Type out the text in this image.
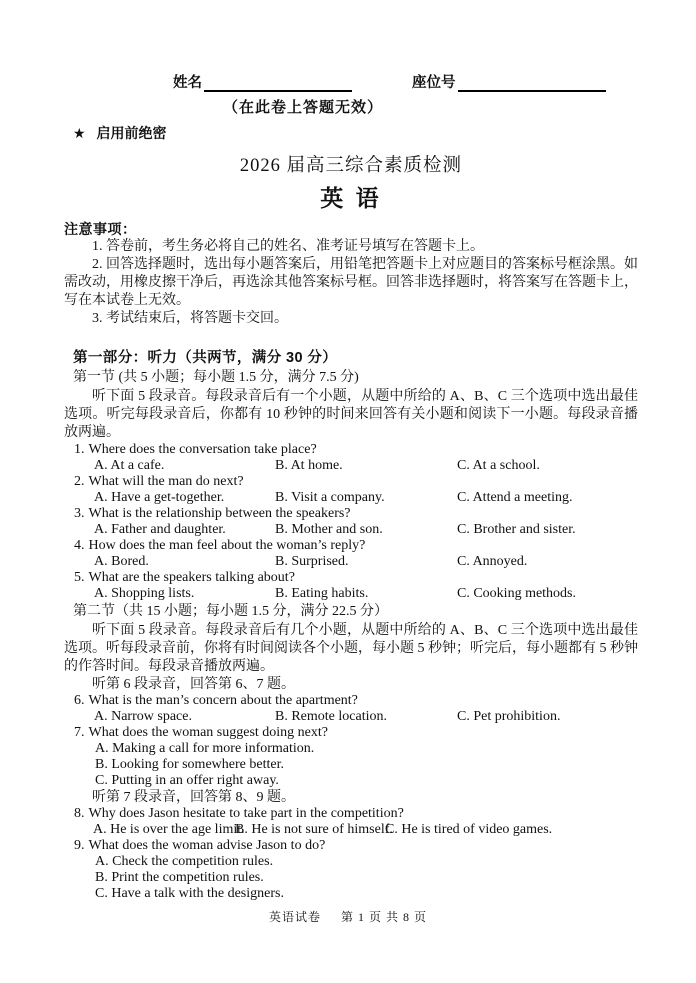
姓名	座位号
（在此卷上答题无效）
★ 启用前绝密
2026 届高三综合素质检测
英 语
注意事项：

1. 答卷前，考生务必将自己的姓名、准考证号填写在答题卡上。

2. 回答选择题时，选出每小题答案后，用铅笔把答题卡上对应题目的答案标号框涂黑。如需改动，用橡皮擦干净后，再选涂其他答案标号框。回答非选择题时，将答案写在答题卡上，写在本试卷上无效。

3. 考试结束后，将答题卡交回。

第一部分：听力（共两节，满分 30 分）
第一节 (共 5 小题；每小题 1.5 分，满分 7.5 分)

听下面 5 段录音。每段录音后有一个小题，从题中所给的 A、B、C 三个选项中选出最佳选项。听完每段录音后，你都有 10 秒钟的时间来回答有关小题和阅读下一小题。每段录音播放两遍。

1. Where does the conversation take place?
A. At a cafe.	B. At home.	C. At a school.
2. What will the man do next?
A. Have a get-together.	B. Visit a company.	C. Attend a meeting.
3. What is the relationship between the speakers?
A. Father and daughter.	B. Mother and son.	C. Brother and sister.
4. How does the man feel about the woman’s reply?
A. Bored.	B. Surprised.	C. Annoyed.
5. What are the speakers talking about?
A. Shopping lists.	B. Eating habits.	C. Cooking methods.
第二节（共 15 小题；每小题 1.5 分，满分 22.5 分）

听下面 5 段录音。每段录音后有几个小题，从题中所给的 A、B、C 三个选项中选出最佳选项。听每段录音前，你将有时间阅读各个小题，每小题 5 秒钟；听完后，每小题都有 5 秒钟的作答时间。每段录音播放两遍。

听第 6 段录音，回答第 6、7 题。
6. What is the man’s concern about the apartment?
A. Narrow space.	B. Remote location.	C. Pet prohibition.
7. What does the woman suggest doing next?
A. Making a call for more information.
B. Looking for somewhere better.
C. Putting in an offer right away.
听第 7 段录音，回答第 8、9 题。
8. Why does Jason hesitate to take part in the competition?
A. He is over the age limit.
B. He is not sure of himself.
C. He is tired of video games.
9. What does the woman advise Jason to do?
A. Check the competition rules.
B. Print the competition rules.
C. Have a talk with the designers.
英语试卷 第 1 页 共 8 页
